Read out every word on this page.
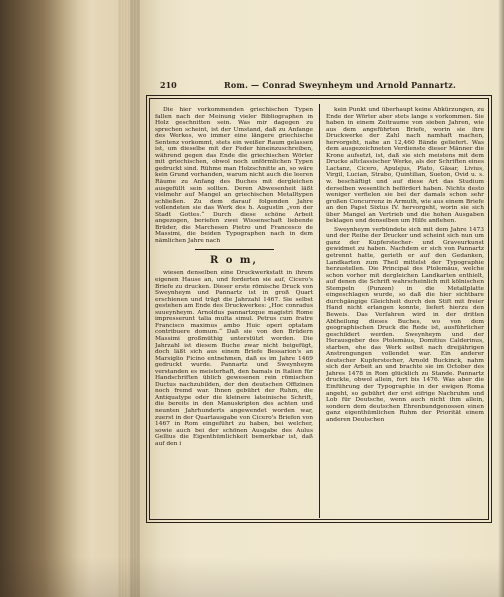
210	Rom. — Conrad Sweynheym und Arnold Pannartz.

Die hier vorkommenden griechischen Typen fallen nach der Meinung vieler Bibliographen in Holz geschnitten sein. Was mir dagegen zu sprechen scheint, ist der Umstand, daß zu Anfange des Werkes, wo immer eine längere griechische Sentenz vorkommt, stets ein weißer Raum gelassen ist, um dieselbe mit der Feder hineinzuschreiben, während gegen das Ende die griechischen Wörter mit griechischen, obwol noch unförmlichen Typen gedruckt sind. Rühme man Holzschnitte an, so wäre kein Grund vorhanden, warum nicht auch die leeren Räume zu Anfang des Buches mit dergleichen ausgefüllt sein sollten. Deren Abwesenheit läßt vielmehr auf Mangel an griechischen Metalltypen schließen. Zu dem darauf folgenden Jahre vollendeten sie das Werk des h. Augustin „von der Stadt Gottes.“ Durch diese schöne Arbeit angezogen, beriefen zwei Wissenschaft liebende Brüder, die Marchesen Pietro und Francesco de Massimi, die beiden Typographen nach in dem nämlichen Jahre nach

R o m,

wiesen denselben eine Druckwerkstatt in ihrem eigenen Hause an, und forderten sie auf, Cicero's Briefe zu drucken. Dieser erste römische Druck von Sweynheym und Pannartz ist in groß Quart erschienen und trägt die Jahrzahl 1467. Sie selbst gestehen am Ende des Druckwerkes: „Hoc conradus suueynheym. Arnoldus pannartzque magistri Rome impresserunt talia multa simul. Petrus cum fratre Francisco maximus ambo Huic operi optatam contribuere domum.“ Daß sie von den Brüdern Massimi großmüthig unterstützt worden. Die Jahrzahl ist diesem Buche zwar nicht beigefügt, doch läßt sich aus einem Briefe Bessarion's an Marsiglio Ficino entnehmen, daß es im Jahre 1469 gedruckt wurde. Pannartz und Sweynheym verstanden es meisterhaft, den bamals in Italien für Handschriften üblich gewesenen rein römischen Ductus nachzubilden, der den deutschen Offizinen noch fremd war. Ihnen gebührt der Ruhm, die Antiquatype oder die kleinere lateinische Schrift, die bereits in den Manuskripten des achten und neunten Jahrhunderts angewendet worden war, zuerst in der Quartausgabe von Cicero's Briefen von 1467 in Rom eingeführt zu haben, bei welcher, sowie auch bei der schönen Ausgabe des Aulus Gellius die Eigenthümlichkeit bemerkbar ist, daß auf den i

kein Punkt und überhaupt keine Abkürzungen, zu Ende der Wörter aber stets lange s vorkommen. Sie haben in einem Zeitraume von sieben Jahren, wie aus dem angeführten Briefe, worin sie ihre Druckwerke der Zahl nach namhaft machen, hervorgeht, nahe an 12,460 Bände geliefert. Was dem ausgezeichneten Verdienste dieser Männer die Krone aufsetzt, ist, daß sie sich meistens mit dem Drucke altclassischer Werke, als der Schriften eines Lactanz, Cicero, Apulejus, Plato, Gäsar, Livius, Virgil, Lucian, Strabo, Quintilian, Sueton, Ovid u. s. w. beschäftigt und auf diese Art das Studium derselben wesentlich befördert haben. Nichts desto weniger verfielen sie bei der damals schon sehr großen Concurrenz in Armuth, wie aus einem Briefe an den Papst Sixtus IV. hervorgeht, worin sie sich über Mangel an Vertrieb und die hohen Ausgaben beklagen und denselben um Hilfe anflehen.

Sweynheym verbündete sich mit dem Jahre 1473 und der Reihe der Drucker und scheint sich nun um ganz der Kupferstecher- und Graveurkunst gewidmet zu haben. Nachdem er sich von Pannartz getrennt hatte, gerieth er auf den Gedanken, Landkarten zum Theil mittelst der Typographie herzustellen. Die Principal des Ptolemäus, welche schon vorher mit dergleichen Landkarten enthielt, auf denen die Schrift wahrscheinlich mit kölnischen Stempeln (Punzen) in die Metallplatte eingeschlagen wurde, so daß die hier sichtbare durchgängige Gleichheit durch den Stift mit freier Hand nicht erlangen konnte, liefert hierzu den Beweis. Das Verfahren wird in der dritten Abtheilung dieses Buches, wo von dem geographischen Druck die Rede ist, ausführlicher geschildert werden. Sweynheym und der Herausgeber des Ptolemäus, Domitius Calderinus, starben, ehe das Werk selbst nach dreijährigen Anstrengungen vollendet war. Ein anderer deutscher Kupferstecher, Arnold Buckinck, nahm sich der Arbeit an und brachte sie im October des Jahres 1478 in Rom glücklich zu Stande. Pannartz druckte, obwol allein, fort bis 1476. Was aber die Einführung der Typographie in der ewigen Roma angeht, so gebührt der erst eifrige Nachruhm und Lob für Deutsche, wenn auch nicht ihm allein, sondern dem deutschen Ehrenbundgenossen einen ganz eigenthümlichen Ruhm der Priorität einem anderen Deutschen
